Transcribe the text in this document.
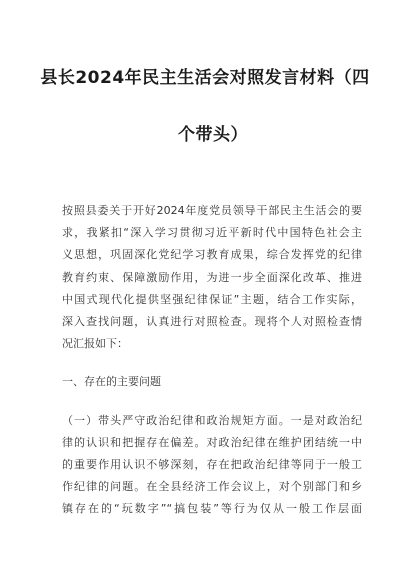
县长2024年民主生活会对照发言材料（四
个带头）
按照县委关于开好2024年度党员领导干部民主生活会的要
求，我紧扣“深入学习贯彻习近平新时代中国特色社会主
义思想，巩固深化党纪学习教育成果，综合发挥党的纪律
教育约束、保障激励作用，为进一步全面深化改革、推进
中国式现代化提供坚强纪律保证”主题，结合工作实际，
深入查找问题，认真进行对照检查。现将个人对照检查情
况汇报如下：
一、存在的主要问题
（一）带头严守政治纪律和政治规矩方面。一是对政治纪
律的认识和把握存在偏差。对政治纪律在维护团结统一中
的重要作用认识不够深刻，存在把政治纪律等同于一般工
作纪律的问题。在全县经济工作会议上，对个别部门和乡
镇存在的“玩数字”“搞包装”等行为仅从一般工作层面
